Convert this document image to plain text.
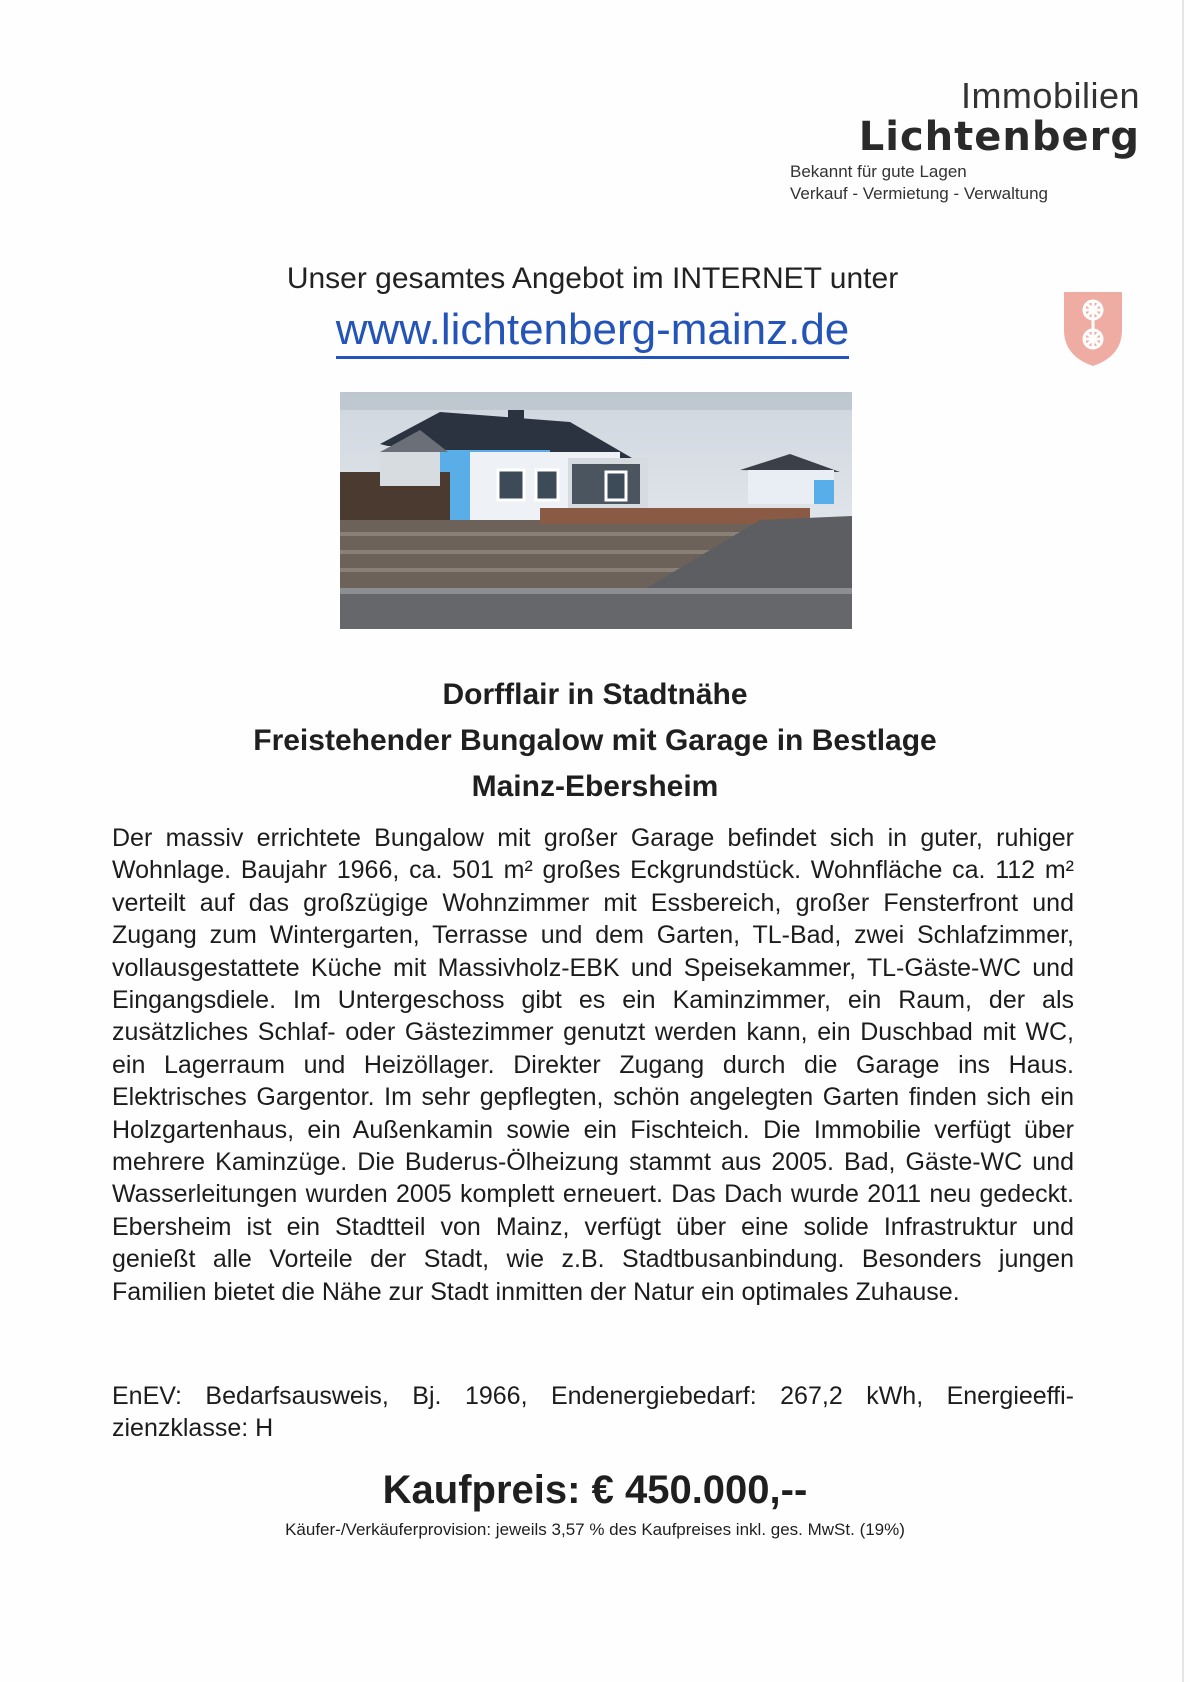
Immobilien
Lichtenberg
Bekannt für gute Lagen
Verkauf - Vermietung - Verwaltung
Unser gesamtes Angebot im INTERNET unter
www.lichtenberg-mainz.de
Dorfflair in Stadtnähe
Freistehender Bungalow mit Garage in Bestlage
Mainz-Ebersheim

Der massiv errichtete Bungalow mit großer Garage befindet sich in guter, ruhiger Wohnlage. Baujahr 1966, ca. 501 m² großes Eckgrundstück. Wohnfläche ca. 112 m² verteilt auf das großzügige Wohnzimmer mit Essbereich, großer Fensterfront und Zugang zum Wintergarten, Terrasse und dem Garten, TL-Bad, zwei Schlafzimmer, vollausgestattete Küche mit Massivholz-EBK und Speisekammer, TL-Gäste-WC und Eingangsdiele. Im Untergeschoss gibt es ein Kaminzimmer, ein Raum, der als zusätzliches Schlaf- oder Gästezimmer genutzt werden kann, ein Duschbad mit WC, ein Lagerraum und Heizöllager. Direkter Zugang durch die Garage ins Haus. Elektrisches Gargentor. Im sehr gepflegten, schön angelegten Garten finden sich ein Holzgartenhaus, ein Außenkamin sowie ein Fischteich. Die Immobilie verfügt über mehrere Kaminzüge. Die Buderus-Ölheizung stammt aus 2005. Bad, Gäste-WC und Wasserleitungen wurden 2005 komplett erneuert. Das Dach wurde 2011 neu gedeckt. Ebersheim ist ein Stadtteil von Mainz, verfügt über eine solide Infrastruktur und genießt alle Vorteile der Stadt, wie z.B. Stadtbusanbindung. Besonders jungen Familien bietet die Nähe zur Stadt inmitten der Natur ein optimales Zuhause.

EnEV: Bedarfsausweis, Bj. 1966, Endenergiebedarf: 267,2 kWh, Energieeffi-zienzklasse: H

Kaufpreis: € 450.000,--
Käufer-/Verkäuferprovision: jeweils 3,57 % des Kaufpreises inkl. ges. MwSt. (19%)
